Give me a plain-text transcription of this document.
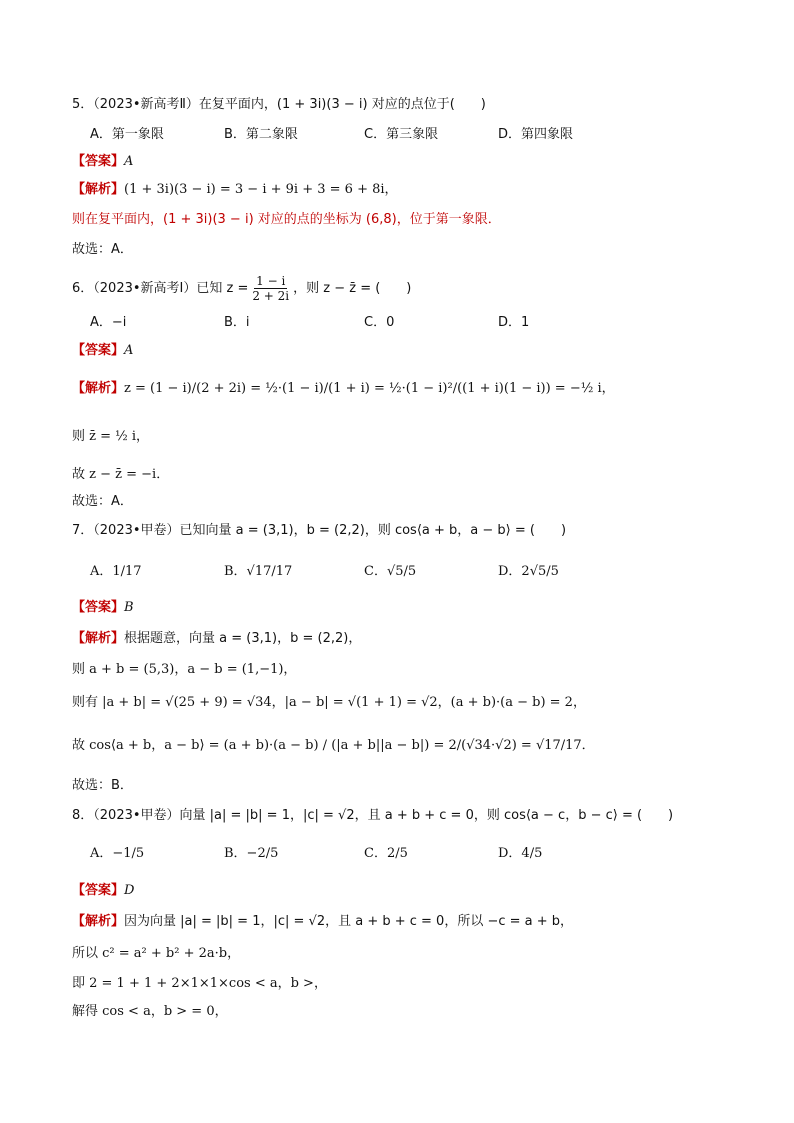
5．（2023•新高考Ⅱ）在复平面内，(1 + 3i)(3 − i) 对应的点位于(　　)
A．第一象限	B．第二象限	C．第三象限	D．第四象限
【答案】A
【解析】(1 + 3i)(3 − i) = 3 − i + 9i + 3 = 6 + 8i，
则在复平面内，(1 + 3i)(3 − i) 对应的点的坐标为 (6,8)，位于第一象限．
故选：A．
6．（2023•新高考Ⅰ）已知 $z = \frac{1 - i}{2 + 2i}$ ，则 z − z̄ = (　　)
A．−i	B．i	C．0	D．1
【答案】A
【解析】z = (1 − i)/(2 + 2i) = ½·(1 − i)/(1 + i) = ½·(1 − i)²/((1 + i)(1 − i)) = −½ i，
则 z̄ = ½ i，
故 z − z̄ = −i．
故选：A．
7．（2023•甲卷）已知向量 a = (3,1)，b = (2,2)，则 cos⟨a + b，a − b⟩ = (　　)
A．1/17	B．√17/17	C．√5/5	D．2√5/5
【答案】B
【解析】根据题意，向量 a = (3,1)，b = (2,2)，
则 a + b = (5,3)，a − b = (1,−1)，
则有 |a + b| = √(25 + 9) = √34，|a − b| = √(1 + 1) = √2，(a + b)·(a − b) = 2，
故 cos⟨a + b，a − b⟩ = (a + b)·(a − b) / (|a + b||a − b|) = 2/(√34·√2) = √17/17．
故选：B．
8．（2023•甲卷）向量 |a| = |b| = 1，|c| = √2，且 a + b + c = 0，则 cos⟨a − c，b − c⟩ = (　　)
A．−1/5	B．−2/5	C．2/5	D．4/5
【答案】D
【解析】因为向量 |a| = |b| = 1，|c| = √2，且 a + b + c = 0，所以 −c = a + b，
所以 c² = a² + b² + 2a·b，
即 2 = 1 + 1 + 2×1×1×cos < a，b >，
解得 cos < a，b > = 0，
